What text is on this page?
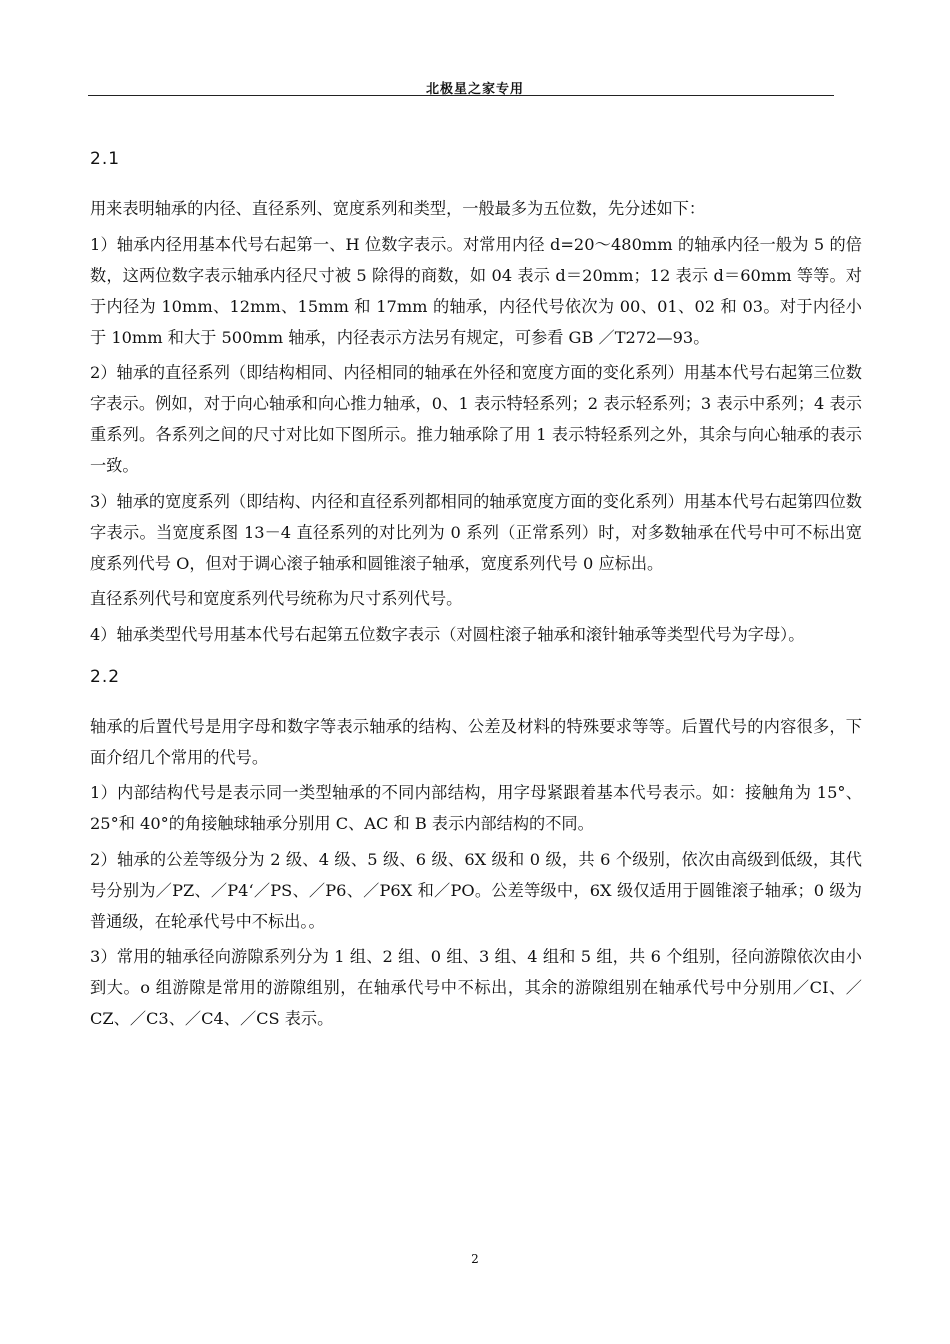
北极星之家专用
2.1

用来表明轴承的内径、直径系列、宽度系列和类型，一般最多为五位数，先分述如下：

1）轴承内径用基本代号右起第一、H 位数字表示。对常用内径 d=20～480mm 的轴承内径一般为 5 的倍数，这两位数字表示轴承内径尺寸被 5 除得的商数，如 04 表示 d＝20mm；12 表示 d＝60mm 等等。对于内径为 10mm、12mm、15mm 和 17mm 的轴承，内径代号依次为 00、01、02 和 03。对于内径小于 10mm 和大于 500mm 轴承，内径表示方法另有规定，可参看 GB ／T272—93。

2）轴承的直径系列（即结构相同、内径相同的轴承在外径和宽度方面的变化系列）用基本代号右起第三位数字表示。例如，对于向心轴承和向心推力轴承，0、1 表示特轻系列；2 表示轻系列；3 表示中系列；4 表示重系列。各系列之间的尺寸对比如下图所示。推力轴承除了用 1 表示特轻系列之外，其余与向心轴承的表示一致。

3）轴承的宽度系列（即结构、内径和直径系列都相同的轴承宽度方面的变化系列）用基本代号右起第四位数字表示。当宽度系图 13－4 直径系列的对比列为 0 系列（正常系列）时，对多数轴承在代号中可不标出宽度系列代号 O，但对于调心滚子轴承和圆锥滚子轴承，宽度系列代号 0 应标出。

直径系列代号和宽度系列代号统称为尺寸系列代号。

4）轴承类型代号用基本代号右起第五位数字表示（对圆柱滚子轴承和滚针轴承等类型代号为字母）。

2.2

轴承的后置代号是用字母和数字等表示轴承的结构、公差及材料的特殊要求等等。后置代号的内容很多，下面介绍几个常用的代号。

1）内部结构代号是表示同一类型轴承的不同内部结构，用字母紧跟着基本代号表示。如：接触角为 15°、25°和 40°的角接触球轴承分别用 C、AC 和 B 表示内部结构的不同。

2）轴承的公差等级分为 2 级、4 级、5 级、6 级、6X 级和 0 级，共 6 个级别，依次由高级到低级，其代号分别为／PZ、／P4‘／PS、／P6、／P6X 和／PO。公差等级中，6X 级仅适用于圆锥滚子轴承；0 级为普通级，在轮承代号中不标出。。

3）常用的轴承径向游隙系列分为 1 组、2 组、0 组、3 组、4 组和 5 组，共 6 个组别，径向游隙依次由小到大。o 组游隙是常用的游隙组别，在轴承代号中不标出，其余的游隙组别在轴承代号中分别用／CI、／CZ、／C3、／C4、／CS 表示。

2
